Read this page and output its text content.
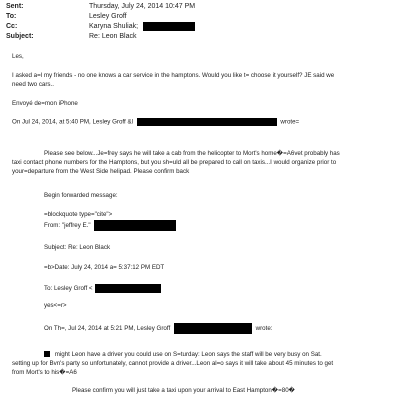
Sent:	Thursday, July 24, 2014 10:47 PM
To:	Lesley Groff
Cc:	Karyna Shuliak;
Subject:	Re: Leon Black
Les,
I asked a=l my friends - no one knows a car service in the hamptons. Would you like t= choose it yourself? JE said we
need two cars..
Envoyé de=mon iPhone
On Jul 24, 2014, at 5:40 PM, Lesley Groff &l	wrote=
Please see below...Je=frey says he will take a cab from the helicopter to Mort's home�=A6vet probably has
taxi contact phone numbers for the Hamptons, but you sh=uld all be prepared to call on taxis...I would organize prior to
your=departure from the West Side helipad. Please confirm back
Begin forwarded message:
=blockquote type="cite">
From: "jeffrey E."
Subject: Re: Leon Black
=b>Date: July 24, 2014 a= 5:37:12 PM EDT
To: Lesley Groff <
yes<=r>
On Th=, Jul 24, 2014 at 5:21 PM, Lesley Groff	wrote:
might Leon have a driver you could use on S=turday: Leon says the staff will be very busy on Sat.
setting up for Bvn's party so unfortunately, cannot provide a driver...Leon al=o says it will take about 45 minutes to get
from Mort's to his�=A6
Please confirm you will just take a taxi upon your arrival to East Hampton�=80�
